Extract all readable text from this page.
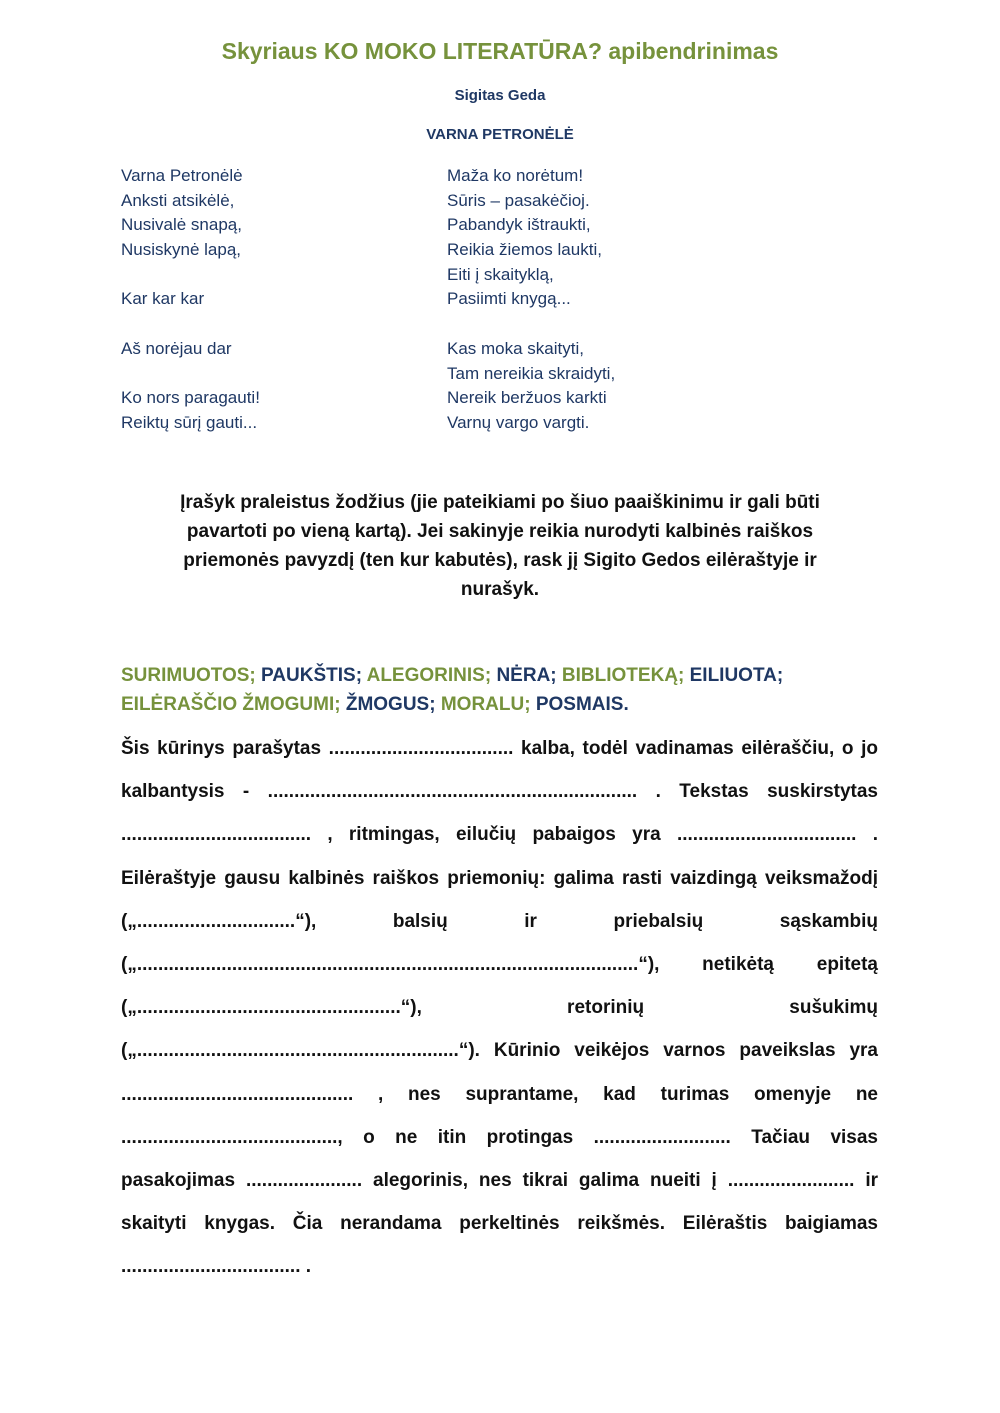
Skyriaus KO MOKO LITERATŪRA? apibendrinimas
Sigitas Geda
VARNA PETRONĖLĖ
Varna Petronėlė
Anksti atsikėlė,
Nusivalė snapą,
Nusiskynė lapą,

Kar kar kar

Aš norėjau dar

Ko nors paragauti!
Reiktų sūrį gauti...
Maža ko norėtum!
Sūris – pasakėčioj.
Pabandyk ištraukti,
Reikia žiemos laukti,
Eiti į skaityklą,
Pasiimti knygą...

Kas moka skaityti,
Tam nereikia skraidyti,
Nereik beržuos karkti
Varnų vargo vargti.
Įrašyk praleistus žodžius (jie pateikiami po šiuo paaiškinimu ir gali būti pavartoti po vieną kartą). Jei sakinyje reikia nurodyti kalbinės raiškos priemonės pavyzdį (ten kur kabutės), rask jį Sigito Gedos eilėraštyje ir nurašyk.
SURIMUOTOS; PAUKŠTIS; ALEGORINIS; NĖRA; BIBLIOTEKĄ; EILIUOTA;
EILĖRAŠČIO ŽMOGUMI; ŽMOGUS; MORALU; POSMAIS.
Šis kūrinys parašytas ................................... kalba, todėl vadinamas eilėraščiu, o jo kalbantysis - ...................................................................... . Tekstas suskirstytas .................................... , ritmingas, eilučių pabaigos yra .................................. . Eilėraštyje gausu kalbinės raiškos priemonių: galima rasti vaizdingą veiksmažodį („..............................“), balsių ir priebalsių sąskambių („...............................................................................................“), netikėtą epitetą („..................................................“), retorinių sušukimų („.............................................................“). Kūrinio veikėjos varnos paveikslas yra ............................................ , nes suprantame, kad turimas omenyje ne ........................................., o ne itin protingas .......................... Tačiau visas pasakojimas ...................... alegorinis, nes tikrai galima nueiti į ........................ ir skaityti knygas. Čia nerandama perkeltinės reikšmės. Eilėraštis baigiamas .................................. .
